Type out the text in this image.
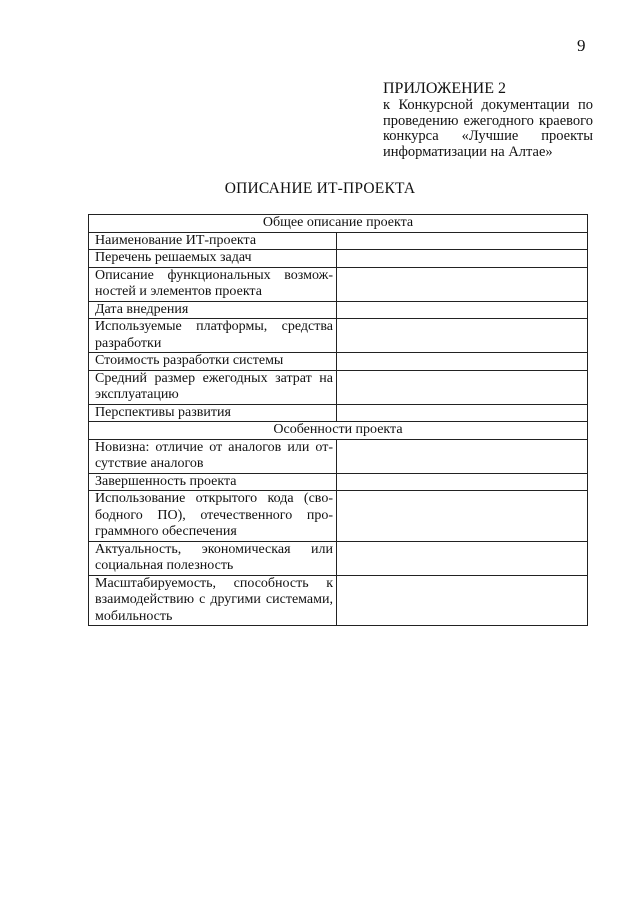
9
ПРИЛОЖЕНИЕ 2
к Конкурсной документации по проведению ежегодного краевого конкурса «Лучшие проекты информатизации на Алтае»
ОПИСАНИЕ ИТ-ПРОЕКТА
Общее описание проекта	
Наименование ИТ-проекта	
Перечень решаемых задач	
Описание функциональных возможностей и элементов проекта	
Дата внедрения	
Используемые платформы, средства разработки	
Стоимость разработки системы	
Средний размер ежегодных затрат на эксплуатацию	
Перспективы развития	
Особенности проекта	
Новизна: отличие от аналогов или отсутствие аналогов	
Завершенность проекта	
Использование открытого кода (свободного ПО), отечественного программного обеспечения	
Актуальность, экономическая или социальная полезность	
Масштабируемость, способность к взаимодействию с другими системами, мобильность	
